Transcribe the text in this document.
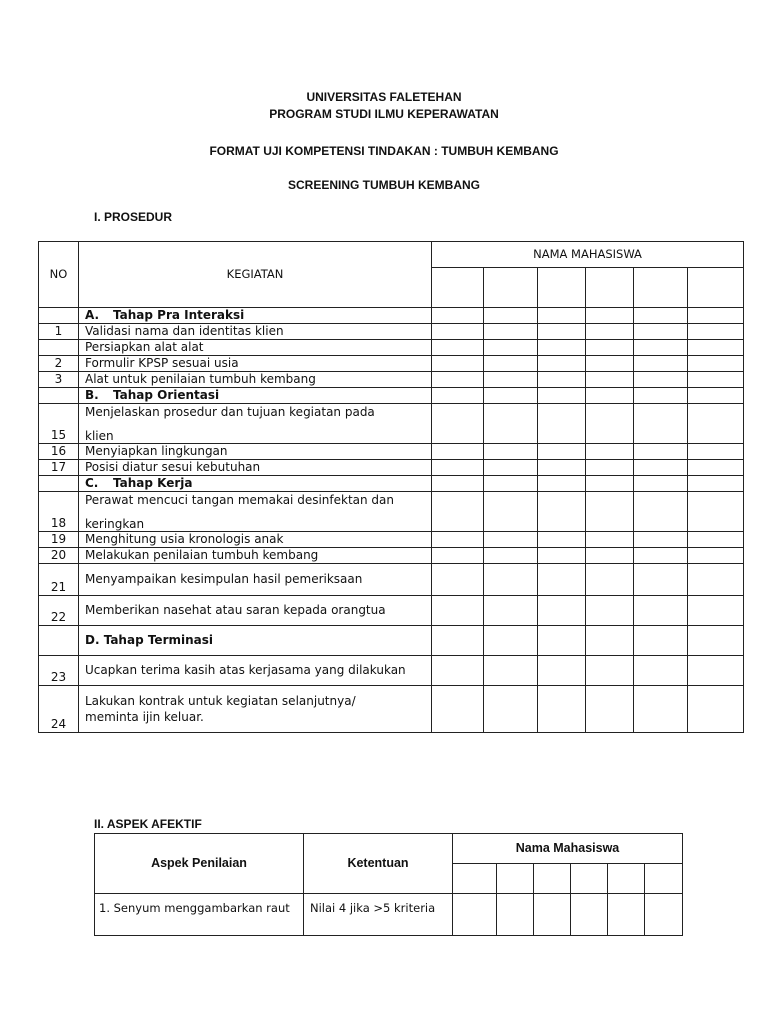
UNIVERSITAS FALETEHAN
PROGRAM STUDI ILMU KEPERAWATAN
FORMAT UJI KOMPETENSI TINDAKAN : TUMBUH KEMBANG
SCREENING TUMBUH KEMBANG
I. PROSEDUR
NO	KEGIATAN	NAMA MAHASISWA					

	A. Tahap Pra Interaksi						
1	Validasi nama dan identitas klien						
	Persiapkan alat alat						
2	Formulir KPSP sesuai usia						
3	Alat untuk penilaian tumbuh kembang						
	B. Tahap Orientasi						
15	Menjelaskan prosedur dan tujuan kegiatan pada
klien						

16	Menyiapkan lingkungan						
17	Posisi diatur sesui kebutuhan						
	C. Tahap Kerja						
18	Perawat mencuci tangan memakai desinfektan dan
keringkan						

19	Menghitung usia kronologis anak						
20	Melakukan penilaian tumbuh kembang						
21	Menyampaikan kesimpulan hasil pemeriksaan						
22	Memberikan nasehat atau saran kepada orangtua						
	D. Tahap Terminasi						
23	Ucapkan terima kasih atas kerjasama yang dilakukan						
24	Lakukan kontrak untuk kegiatan selanjutnya/
meminta ijin keluar.						

II. ASPEK AFEKTIF
Aspek Penilaian	Ketentuan	Nama Mahasiswa					

1. Senyum menggambarkan raut	Nilai 4 jika >5 kriteria						
